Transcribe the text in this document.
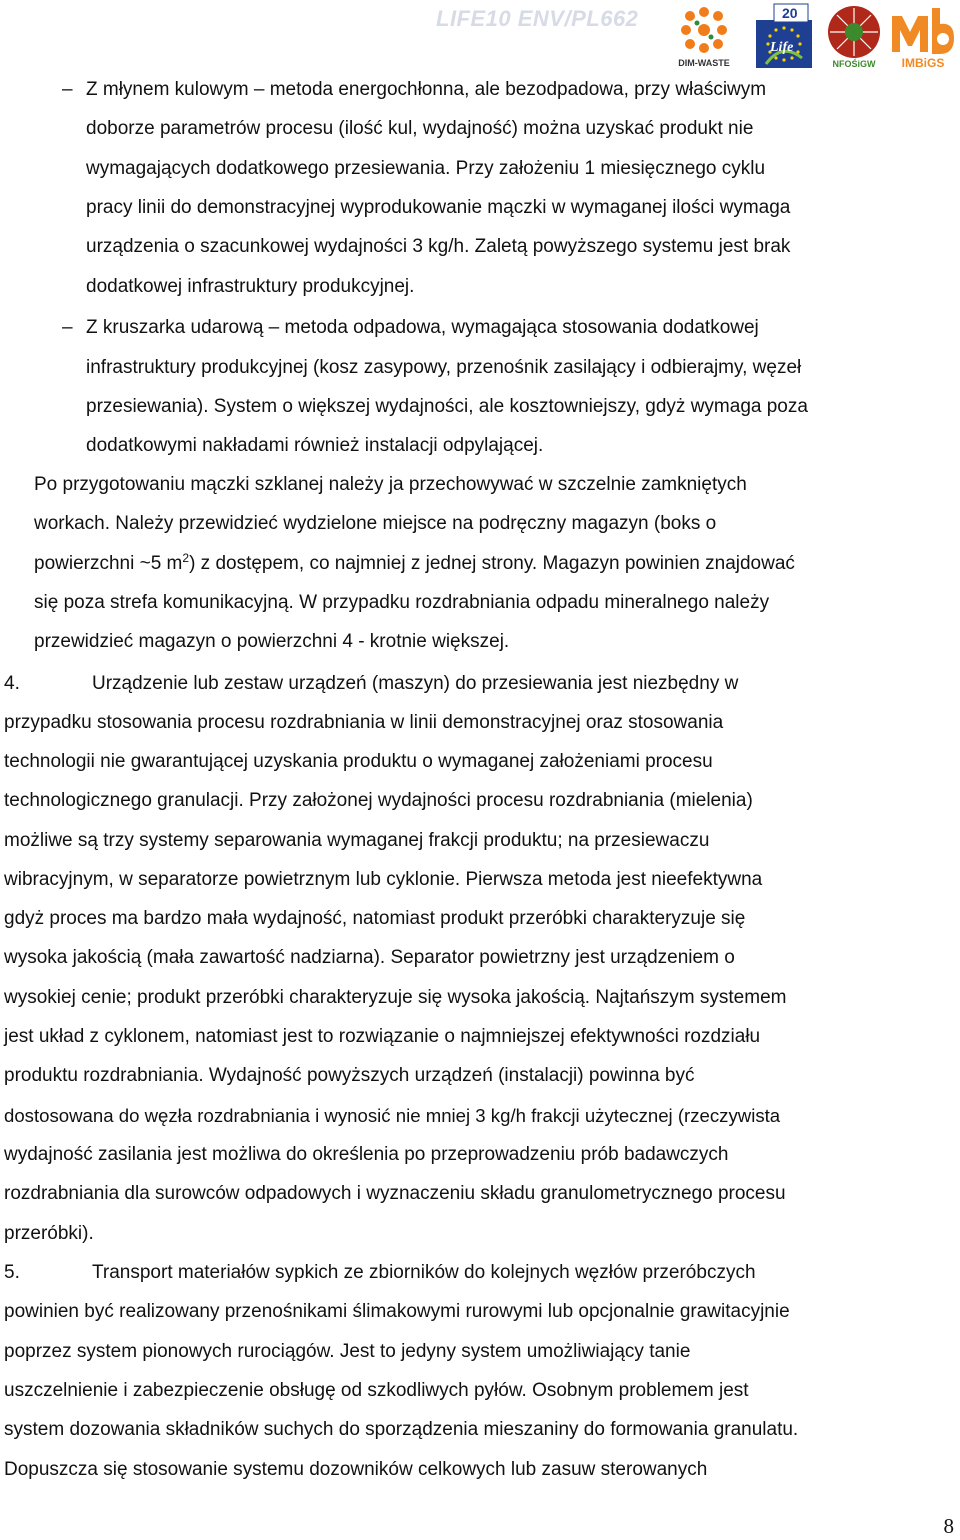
LIFE10 ENV/PL662
DIM-WASTE
20
Life
NFOŚiGW	IMBiGS
– Z młynem kulowym – metoda energochłonna, ale bezodpadowa, przy właściwym
doborze parametrów procesu (ilość kul, wydajność) można uzyskać produkt nie
wymagających dodatkowego przesiewania. Przy założeniu 1 miesięcznego cyklu
pracy linii do demonstracyjnej wyprodukowanie mączki w wymaganej ilości wymaga
urządzenia o szacunkowej wydajności 3 kg/h. Zaletą powyższego systemu jest brak
dodatkowej infrastruktury produkcyjnej.
– Z kruszarka udarową – metoda odpadowa, wymagająca stosowania dodatkowej
infrastruktury produkcyjnej (kosz zasypowy, przenośnik zasilający i odbierajmy, węzeł
przesiewania). System o większej wydajności, ale kosztowniejszy, gdyż wymaga poza
dodatkowymi nakładami również instalacji odpylającej.
Po przygotowaniu mączki szklanej należy ja przechowywać w szczelnie zamkniętych
workach. Należy przewidzieć wydzielone miejsce na podręczny magazyn (boks o
powierzchni ~5 $m^2$) z dostępem, co najmniej z jednej strony. Magazyn powinien znajdować
się poza strefa komunikacyjną. W przypadku rozdrabniania odpadu mineralnego należy
przewidzieć magazyn o powierzchni 4 - krotnie większej.
4.	Urządzenie lub zestaw urządzeń (maszyn) do przesiewania jest niezbędny w
przypadku stosowania procesu rozdrabniania w linii demonstracyjnej oraz stosowania
technologii nie gwarantującej uzyskania produktu o wymaganej założeniami procesu
technologicznego granulacji. Przy założonej wydajności procesu rozdrabniania (mielenia)
możliwe są trzy systemy separowania wymaganej frakcji produktu; na przesiewaczu
wibracyjnym, w separatorze powietrznym lub cyklonie. Pierwsza metoda jest nieefektywna
gdyż proces ma bardzo mała wydajność, natomiast produkt przeróbki charakteryzuje się
wysoka jakością (mała zawartość nadziarna). Separator powietrzny jest urządzeniem o
wysokiej cenie; produkt przeróbki charakteryzuje się wysoka jakością. Najtańszym systemem
jest układ z cyklonem, natomiast jest to rozwiązanie o najmniejszej efektywności rozdziału
produktu rozdrabniania. Wydajność powyższych urządzeń (instalacji) powinna być
dostosowana do węzła rozdrabniania i wynosić nie mniej 3 kg/h frakcji użytecznej (rzeczywista
wydajność zasilania jest możliwa do określenia po przeprowadzeniu prób badawczych
rozdrabniania dla surowców odpadowych i wyznaczeniu składu granulometrycznego procesu
przeróbki).
5.	Transport materiałów sypkich ze zbiorników do kolejnych węzłów przeróbczych
powinien być realizowany przenośnikami ślimakowymi rurowymi lub opcjonalnie grawitacyjnie
poprzez system pionowych rurociągów. Jest to jedyny system umożliwiający tanie
uszczelnienie i zabezpieczenie obsługę od szkodliwych pyłów. Osobnym problemem jest
system dozowania składników suchych do sporządzenia mieszaniny do formowania granulatu.
Dopuszcza się stosowanie systemu dozowników celkowych lub zasuw sterowanych
8
